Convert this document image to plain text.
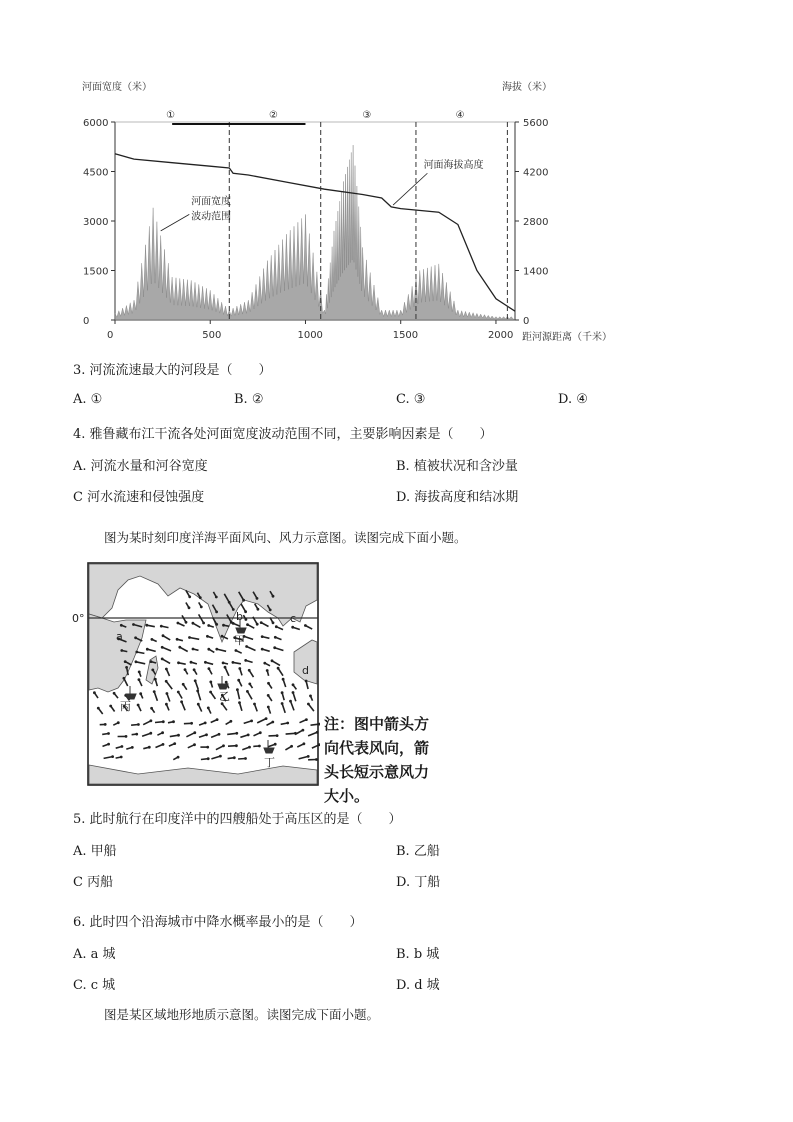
河面宽度（米）	海拔（米）
0
1500
3000
4500
6000
0
1400
2800
4200
5600
0	500	1000	1500	2000
①	②	③	④
河面海拔高度
河面宽度
波动范围
距河源距离（千米）
3. 河流流速最大的河段是（　　）
A. ①	B. ②	C. ③	D. ④
4. 雅鲁藏布江干流各处河面宽度波动范围不同，主要影响因素是（　　）
A. 河流水量和河谷宽度	B. 植被状况和含沙量
C 河水流速和侵蚀强度	D. 海拔高度和结冰期
图为某时刻印度洋海平面风向、风力示意图。读图完成下面小题。
0°
甲
乙
丙
丁
a
b	c
d
注：图中箭头方
向代表风向，箭
头长短示意风力
大小。
5. 此时航行在印度洋中的四艘船处于高压区的是（　　）
A. 甲船	B. 乙船
C 丙船	D. 丁船
6. 此时四个沿海城市中降水概率最小的是（　　）
A. a 城	B. b 城
C. c 城	D. d 城
图是某区域地形地质示意图。读图完成下面小题。
